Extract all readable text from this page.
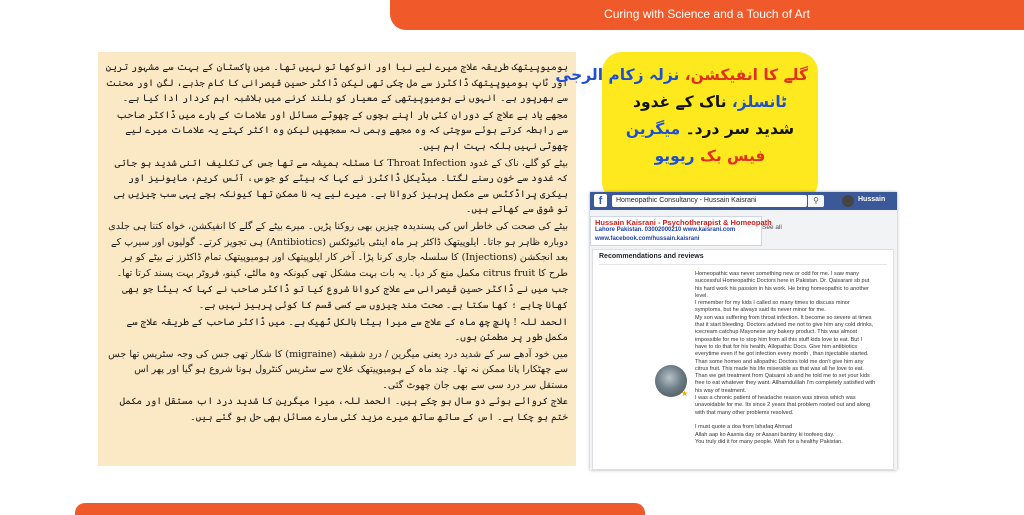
Curing with Science and a Touch of Art

ہومیوپیتھک طریقہ علاج میرے لیے نیا اور انوکھا تو نہیں تھا۔ میں پاکستان کے بہت سے مشہور ترین اور ٹاپ ہومیوپیتھک ڈاکٹرز سے مل چکی تھی لیکن ڈاکٹر حسین قیصرانی کا کام جذبے، لگن اور محنت سے بھرپور ہے۔ انہوں نے ہومیوپیتھی کے معیار کو بلند کرنے میں بلاشبہ اہم کردار ادا کیا ہے۔

مجھے یاد ہے علاج کے دوران کئی بار اپنے بچوں کے چھوٹے مسائل اور علامات کے بارے میں ڈاکٹر صاحب سے رابطہ کرتے ہوئے سوچتی کہ وہ مجھے وہمی نہ سمجھیں لیکن وہ اکثر کہتے یہ علامات میرے لیے چھوٹی نہیں بلکہ بہت اہم ہیں۔

بیٹے کو گلے، ناک کے غدود Throat Infection کا مسئلہ ہمیشہ سے تھا جس کی تکلیف اتنی شدید ہو جاتی کہ غدود سے خون رسنے لگتا۔ میڈیکل ڈاکٹرز نے کہا کہ بیٹے کو جوس، آئس کریم، مایونیز اور بیکری پراڈکٹس سے مکمل پرہیز کروانا ہے۔ میرے لیے یہ نا ممکن تھا کیونکہ بچے یہی سب چیزیں ہی تو شوق سے کھاتے ہیں۔

بیٹے کی صحت کی خاطر اس کی پسندیدہ چیزیں بھی روکنا پڑیں۔ میرے بیٹے کے گلے کا انفیکشن، خواہ کتنا ہی جلدی دوبارہ ظاہر ہو جاتا۔ ایلوپیتھک ڈاکٹر ہر ماہ اینٹی بائیوٹکس (Antibiotics) ہی تجویز کرتے۔ گولیوں اور سیرپ کے بعد انجکشن (Injections) کا سلسلہ جاری کرنا پڑا۔ آخر کار ایلوپیتھک اور ہومیوپیتھک تمام ڈاکٹرز نے بیٹے کو ہر طرح کا citrus fruit مکمل منع کر دیا۔ یہ بات بہت مشکل تھی کیونکہ وہ مالٹے، کینو، فروٹر بہت پسند کرتا تھا۔

جب میں نے ڈاکٹر حسین قیصرانی سے علاج کروانا شروع کیا تو ڈاکٹر صاحب نے کہا کہ بیٹا جو بھی کھانا چاہے ؛ کھا سکتا ہے۔ صحت مند چیزوں سے کسی قسم کا کوئی پرہیز نہیں ہے۔

الحمد للہ ! پانچ چھ ماہ کے علاج سے میرا بیٹا بالکل ٹھیک ہے۔ میں ڈاکٹر صاحب کے طریقہ علاج سے مکمل طور پر مطمئن ہوں۔

میں خود آدھے سر کے شدید درد یعنی میگرین / دردِ شقیقہ (migraine) کا شکار تھی جس کی وجہ سٹریس تھا جس سے چھٹکارا پانا ممکن نہ تھا۔ چند ماہ کے ہومیوپیتھک علاج سے سٹریس کنٹرول ہونا شروع ہو گیا اور پھر اس مستقل سر درد سی سے بھی جان چھوٹ گئی۔

علاج کروائے ہوئے دو سال ہو چکے ہیں۔ الحمد للہ، میرا میگرین کا شدید درد اب مستقل اور مکمل ختم ہو چکا ہے۔ اس کے ساتھ ساتھ میرے مزید کئی سارے مسائل بھی حل ہو گئے ہیں۔

گلے کا انفیکشن، نزلہ زکام الرجی
ٹانسلز، ناک کے غدود
شدید سر درد۔ میگرین
فیس بک ریویو
f	Homeopathic Consultancy - Hussain Kaisrani	⚲	Hussain
Hussain Kaisrani - Psychotherapist & Homeopath
Lahore Pakistan. 03002000210 www.kaisrani.com
www.facebook.com/hussain.kaisrani
See all
Recommendations and reviews
★
Homeopathic was never something new or odd for me. I saw many
successful Homeopathic Doctors here in Pakistan. Dr. Qaisarani sb put
his hard work his passion in his work. He bring homeopathic to another
level.
I remember for my kids I called so many times to discuss minor
symptoms, but he always said its never minor for me.
My son was suffering from throat infection. It become so severe at times
that it start bleeding. Doctors advised me not to give him any cold drinks,
icecream catchup Mayonese any bakery product. This was almost
impossible for me to stop him from all this stuff kids love to eat. But I
have to do that for his health. Allopathic Docs. Give him antibiotics
everytime even if he got infection every month , than injectable started.
Than some homeo and allopathic Doctors told me don't give him any
citrus fruit. This made his life miserable as that was all he love to eat.
Than we get treatment from Qaisarni sb and he told me to set your kids
free to eat whatever they want. Allhamdulilah I'm completely satisfied with
his way of treatment.
I was a chronic patient of headache reason was stress which was
unavoidable for me. Its since 2 years that problem rooted out and along
with that many other problems resolved.
I must quote a doa from Ishafaq Ahmad
Allah aap ko Aasnia day or Aasani bantny ki toofeeq day.
You truly did it for many people. Wish for a healthy Pakistan.
